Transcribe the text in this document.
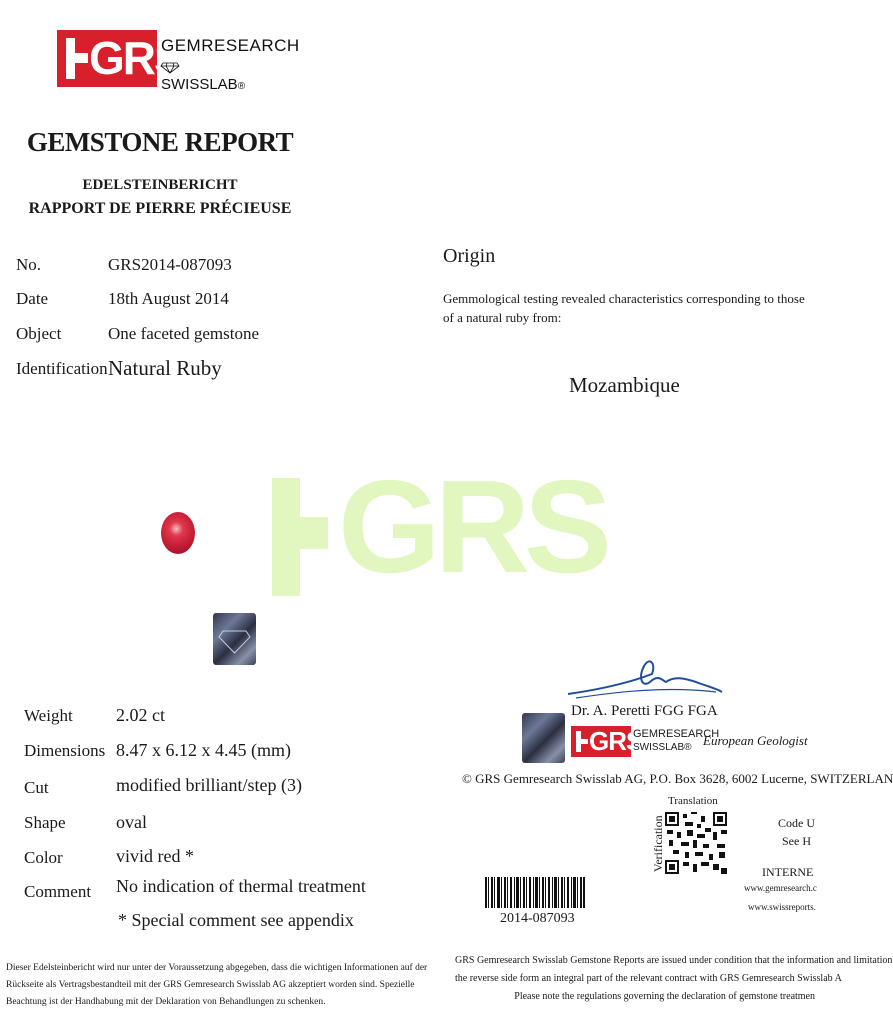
GRS
GEMRESEARCH
SWISSLAB®
GEMSTONE REPORT
EDELSTEINBERICHT
RAPPORT DE PIERRE PRÉCIEUSE
No.	GRS2014-087093
Date	18th August 2014
Object	One faceted gemstone
Identification Natural Ruby
Origin
Gemmological testing revealed characteristics corresponding to those
of a natural ruby from:
Mozambique
GRS
Weight 2.02 ct
Dimensions 8.47 x 6.12 x 4.45 (mm)
Cut	modified brilliant/step (3)
Shape	oval
Color	vivid red *
Comment No indication of thermal treatment
* Special comment see appendix
Dieser Edelsteinbericht wird nur unter der Voraussetzung abgegeben, dass die wichtigen Informationen auf der
Rückseite als Vertragsbestandteil mit der GRS Gemresearch Swisslab AG akzeptiert worden sind. Spezielle
Beachtung ist der Handhabung mit der Deklaration von Behandlungen zu schenken.
Dr. A. Peretti FGG FGA
GRS
GEMRESEARCH
SWISSLAB® European Geologist
© GRS Gemresearch Swisslab AG, P.O. Box 3628, 6002 Lucerne, SWITZERLAN
Translation
Verification	Code U
See H
INTERNE
www.gemresearch.c
www.swissreports.
2014-087093
GRS Gemresearch Swisslab Gemstone Reports are issued under condition that the information and limitation
the reverse side form an integral part of the relevant contract with GRS Gemresearch Swisslab A
Please note the regulations governing the declaration of gemstone treatmen
